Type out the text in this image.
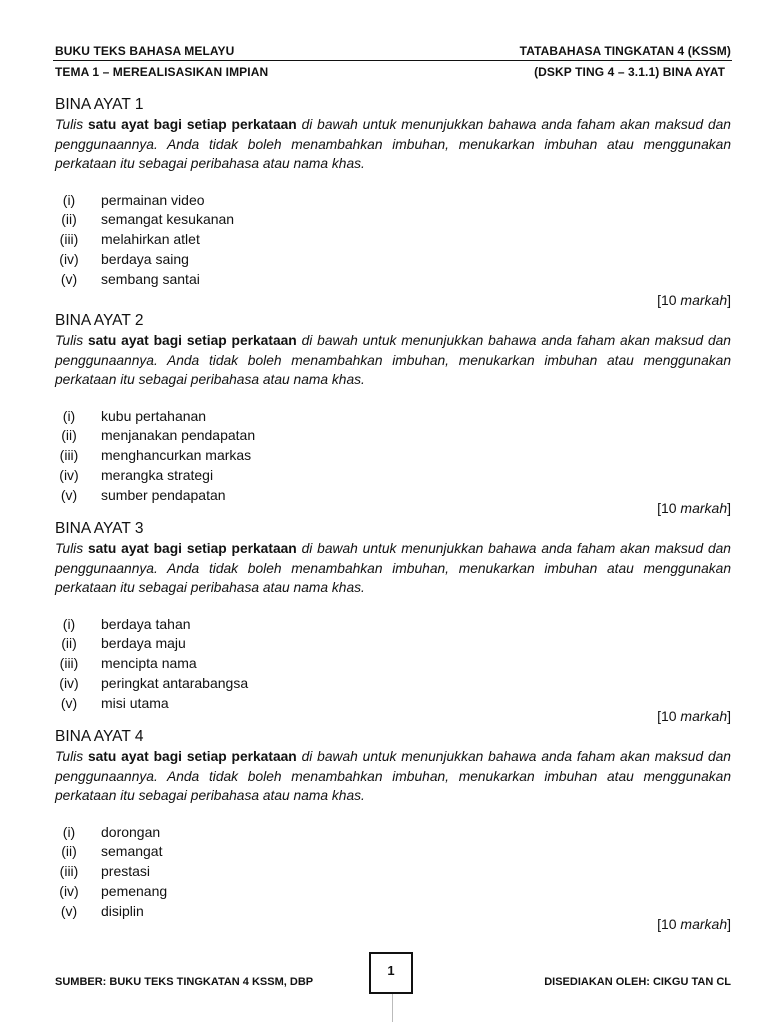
BUKU TEKS BAHASA MELAYU	TATABAHASA TINGKATAN 4 (KSSM)
TEMA 1 – MEREALISASIKAN IMPIAN	(DSKP TING 4 – 3.1.1) BINA AYAT
BINA AYAT 1
Tulis satu ayat bagi setiap perkataan di bawah untuk menunjukkan bahawa anda faham akan maksud dan penggunaannya. Anda tidak boleh menambahkan imbuhan, menukarkan imbuhan atau menggunakan perkataan itu sebagai peribahasa atau nama khas.
(i)	permainan video
(ii)	semangat kesukanan
(iii)	melahirkan atlet
(iv)	berdaya saing
(v)	sembang santai
[10 markah]
BINA AYAT 2
Tulis satu ayat bagi setiap perkataan di bawah untuk menunjukkan bahawa anda faham akan maksud dan penggunaannya. Anda tidak boleh menambahkan imbuhan, menukarkan imbuhan atau menggunakan perkataan itu sebagai peribahasa atau nama khas.
(i)	kubu pertahanan
(ii)	menjanakan pendapatan
(iii)	menghancurkan markas
(iv)	merangka strategi
(v)	sumber pendapatan
[10 markah]
BINA AYAT 3
Tulis satu ayat bagi setiap perkataan di bawah untuk menunjukkan bahawa anda faham akan maksud dan penggunaannya. Anda tidak boleh menambahkan imbuhan, menukarkan imbuhan atau menggunakan perkataan itu sebagai peribahasa atau nama khas.
(i)	berdaya tahan
(ii)	berdaya maju
(iii)	mencipta nama
(iv)	peringkat antarabangsa
(v)	misi utama
[10 markah]
BINA AYAT 4
Tulis satu ayat bagi setiap perkataan di bawah untuk menunjukkan bahawa anda faham akan maksud dan penggunaannya. Anda tidak boleh menambahkan imbuhan, menukarkan imbuhan atau menggunakan perkataan itu sebagai peribahasa atau nama khas.
(i)	dorongan
(ii)	semangat
(iii)	prestasi
(iv)	pemenang
(v)	disiplin
[10 markah]
SUMBER: BUKU TEKS TINGKATAN 4 KSSM, DBP	DISEDIAKAN OLEH: CIKGU TAN CL
1
